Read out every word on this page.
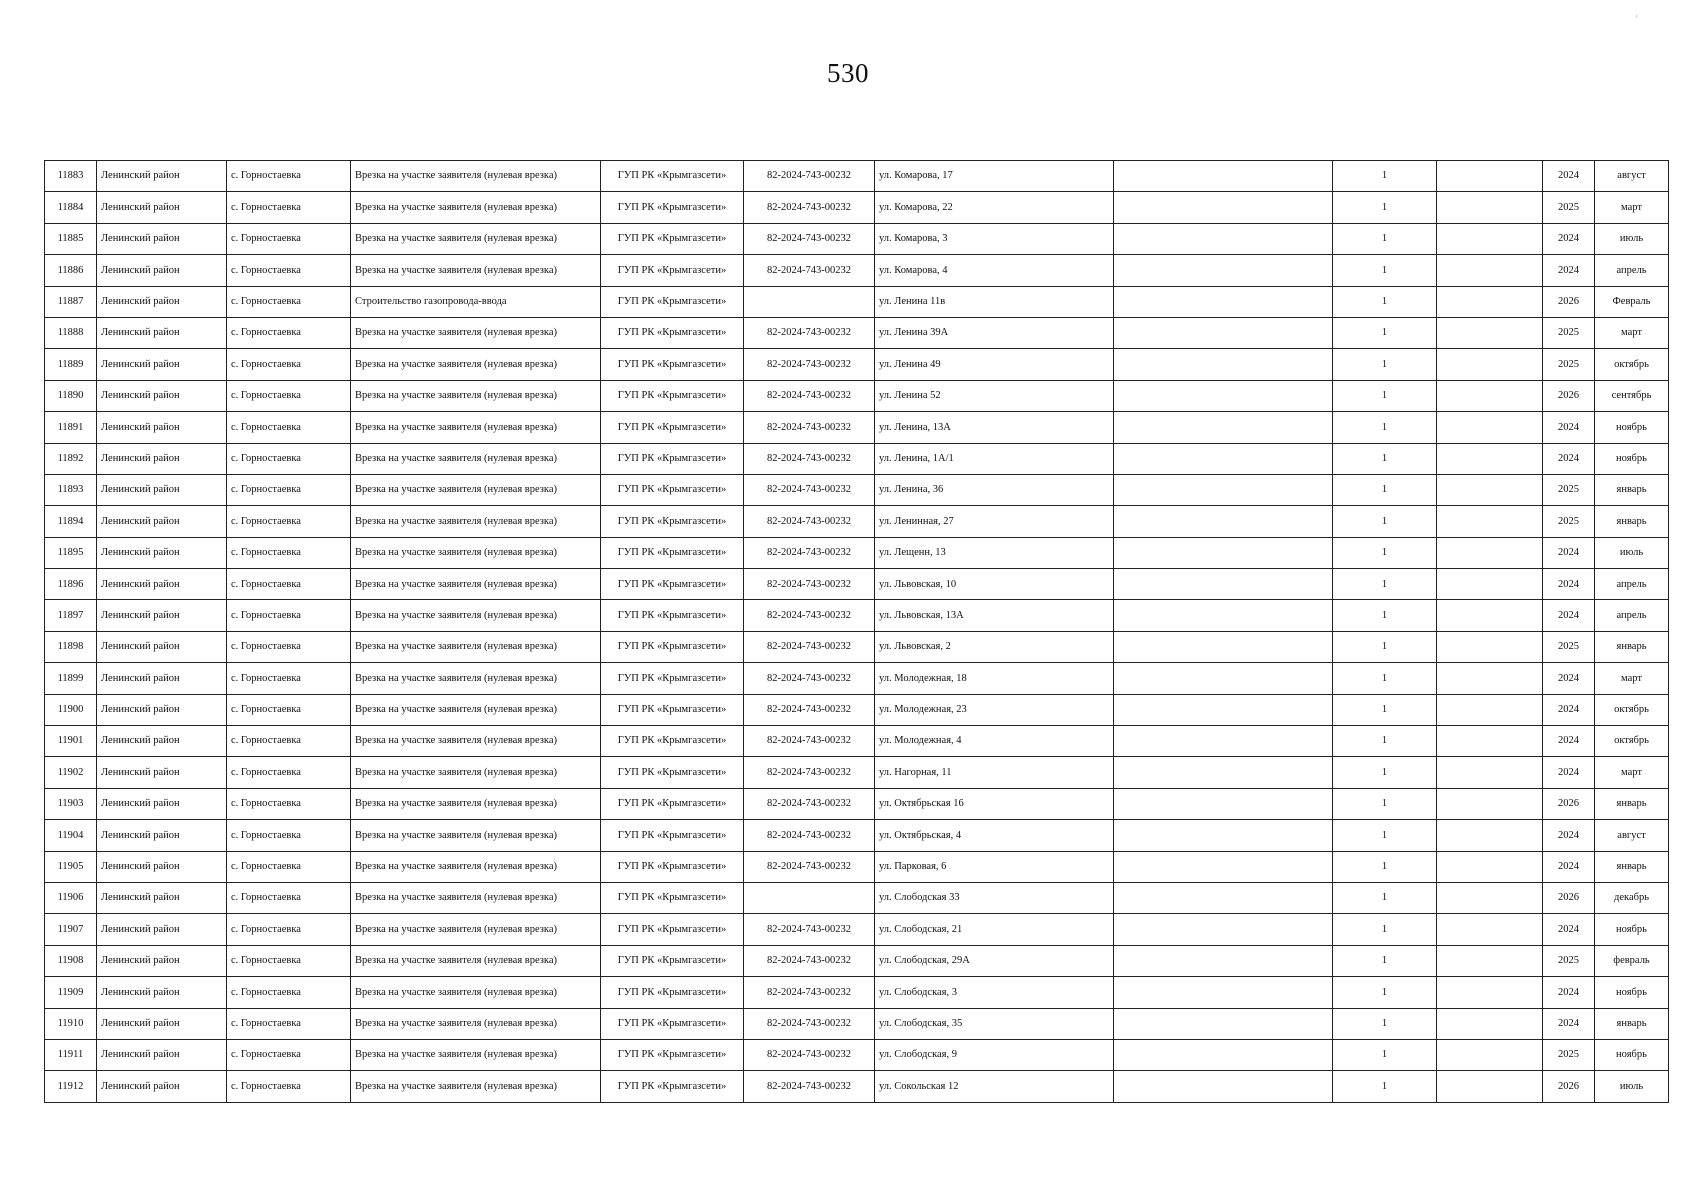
530
·
11883	Ленинский район	с. Горностаевка	Врезка на участке заявителя (нулевая врезка)	ГУП РК «Крымгазсети»	82-2024-743-00232	ул. Комарова, 17		1		2024	август
11884	Ленинский район	с. Горностаевка	Врезка на участке заявителя (нулевая врезка)	ГУП РК «Крымгазсети»	82-2024-743-00232	ул. Комарова, 22		1		2025	март
11885	Ленинский район	с. Горностаевка	Врезка на участке заявителя (нулевая врезка)	ГУП РК «Крымгазсети»	82-2024-743-00232	ул. Комарова, 3		1		2024	июль
11886	Ленинский район	с. Горностаевка	Врезка на участке заявителя (нулевая врезка)	ГУП РК «Крымгазсети»	82-2024-743-00232	ул. Комарова, 4		1		2024	апрель
11887	Ленинский район	с. Горностаевка	Строительство газопровода-ввода	ГУП РК «Крымгазсети»		ул. Ленина 11в		1		2026	Февраль
11888	Ленинский район	с. Горностаевка	Врезка на участке заявителя (нулевая врезка)	ГУП РК «Крымгазсети»	82-2024-743-00232	ул. Ленина 39А		1		2025	март
11889	Ленинский район	с. Горностаевка	Врезка на участке заявителя (нулевая врезка)	ГУП РК «Крымгазсети»	82-2024-743-00232	ул. Ленина 49		1		2025	октябрь
11890	Ленинский район	с. Горностаевка	Врезка на участке заявителя (нулевая врезка)	ГУП РК «Крымгазсети»	82-2024-743-00232	ул. Ленина 52		1		2026	сентябрь
11891	Ленинский район	с. Горностаевка	Врезка на участке заявителя (нулевая врезка)	ГУП РК «Крымгазсети»	82-2024-743-00232	ул. Ленина, 13А		1		2024	ноябрь
11892	Ленинский район	с. Горностаевка	Врезка на участке заявителя (нулевая врезка)	ГУП РК «Крымгазсети»	82-2024-743-00232	ул. Ленина, 1А/1		1		2024	ноябрь
11893	Ленинский район	с. Горностаевка	Врезка на участке заявителя (нулевая врезка)	ГУП РК «Крымгазсети»	82-2024-743-00232	ул. Ленина, 36		1		2025	январь
11894	Ленинский район	с. Горностаевка	Врезка на участке заявителя (нулевая врезка)	ГУП РК «Крымгазсети»	82-2024-743-00232	ул. Ленинная, 27		1		2025	январь
11895	Ленинский район	с. Горностаевка	Врезка на участке заявителя (нулевая врезка)	ГУП РК «Крымгазсети»	82-2024-743-00232	ул. Лещенн, 13		1		2024	июль
11896	Ленинский район	с. Горностаевка	Врезка на участке заявителя (нулевая врезка)	ГУП РК «Крымгазсети»	82-2024-743-00232	ул. Львовская, 10		1		2024	апрель
11897	Ленинский район	с. Горностаевка	Врезка на участке заявителя (нулевая врезка)	ГУП РК «Крымгазсети»	82-2024-743-00232	ул. Львовская, 13А		1		2024	апрель
11898	Ленинский район	с. Горностаевка	Врезка на участке заявителя (нулевая врезка)	ГУП РК «Крымгазсети»	82-2024-743-00232	ул. Львовская, 2		1		2025	январь
11899	Ленинский район	с. Горностаевка	Врезка на участке заявителя (нулевая врезка)	ГУП РК «Крымгазсети»	82-2024-743-00232	ул. Молодежная, 18		1		2024	март
11900	Ленинский район	с. Горностаевка	Врезка на участке заявителя (нулевая врезка)	ГУП РК «Крымгазсети»	82-2024-743-00232	ул. Молодежная, 23		1		2024	октябрь
11901	Ленинский район	с. Горностаевка	Врезка на участке заявителя (нулевая врезка)	ГУП РК «Крымгазсети»	82-2024-743-00232	ул. Молодежная, 4		1		2024	октябрь
11902	Ленинский район	с. Горностаевка	Врезка на участке заявителя (нулевая врезка)	ГУП РК «Крымгазсети»	82-2024-743-00232	ул. Нагорная, 11		1		2024	март
11903	Ленинский район	с. Горностаевка	Врезка на участке заявителя (нулевая врезка)	ГУП РК «Крымгазсети»	82-2024-743-00232	ул. Октябрьская 16		1		2026	январь
11904	Ленинский район	с. Горностаевка	Врезка на участке заявителя (нулевая врезка)	ГУП РК «Крымгазсети»	82-2024-743-00232	ул. Октябрьская, 4		1		2024	август
11905	Ленинский район	с. Горностаевка	Врезка на участке заявителя (нулевая врезка)	ГУП РК «Крымгазсети»	82-2024-743-00232	ул. Парковая, 6		1		2024	январь
11906	Ленинский район	с. Горностаевка	Врезка на участке заявителя (нулевая врезка)	ГУП РК «Крымгазсети»		ул. Слободская 33		1		2026	декабрь
11907	Ленинский район	с. Горностаевка	Врезка на участке заявителя (нулевая врезка)	ГУП РК «Крымгазсети»	82-2024-743-00232	ул. Слободская, 21		1		2024	ноябрь
11908	Ленинский район	с. Горностаевка	Врезка на участке заявителя (нулевая врезка)	ГУП РК «Крымгазсети»	82-2024-743-00232	ул. Слободская, 29А		1		2025	февраль
11909	Ленинский район	с. Горностаевка	Врезка на участке заявителя (нулевая врезка)	ГУП РК «Крымгазсети»	82-2024-743-00232	ул. Слободская, 3		1		2024	ноябрь
11910	Ленинский район	с. Горностаевка	Врезка на участке заявителя (нулевая врезка)	ГУП РК «Крымгазсети»	82-2024-743-00232	ул. Слободская, 35		1		2024	январь
11911	Ленинский район	с. Горностаевка	Врезка на участке заявителя (нулевая врезка)	ГУП РК «Крымгазсети»	82-2024-743-00232	ул. Слободская, 9		1		2025	ноябрь
11912	Ленинский район	с. Горностаевка	Врезка на участке заявителя (нулевая врезка)	ГУП РК «Крымгазсети»	82-2024-743-00232	ул. Сокольская 12		1		2026	июль
